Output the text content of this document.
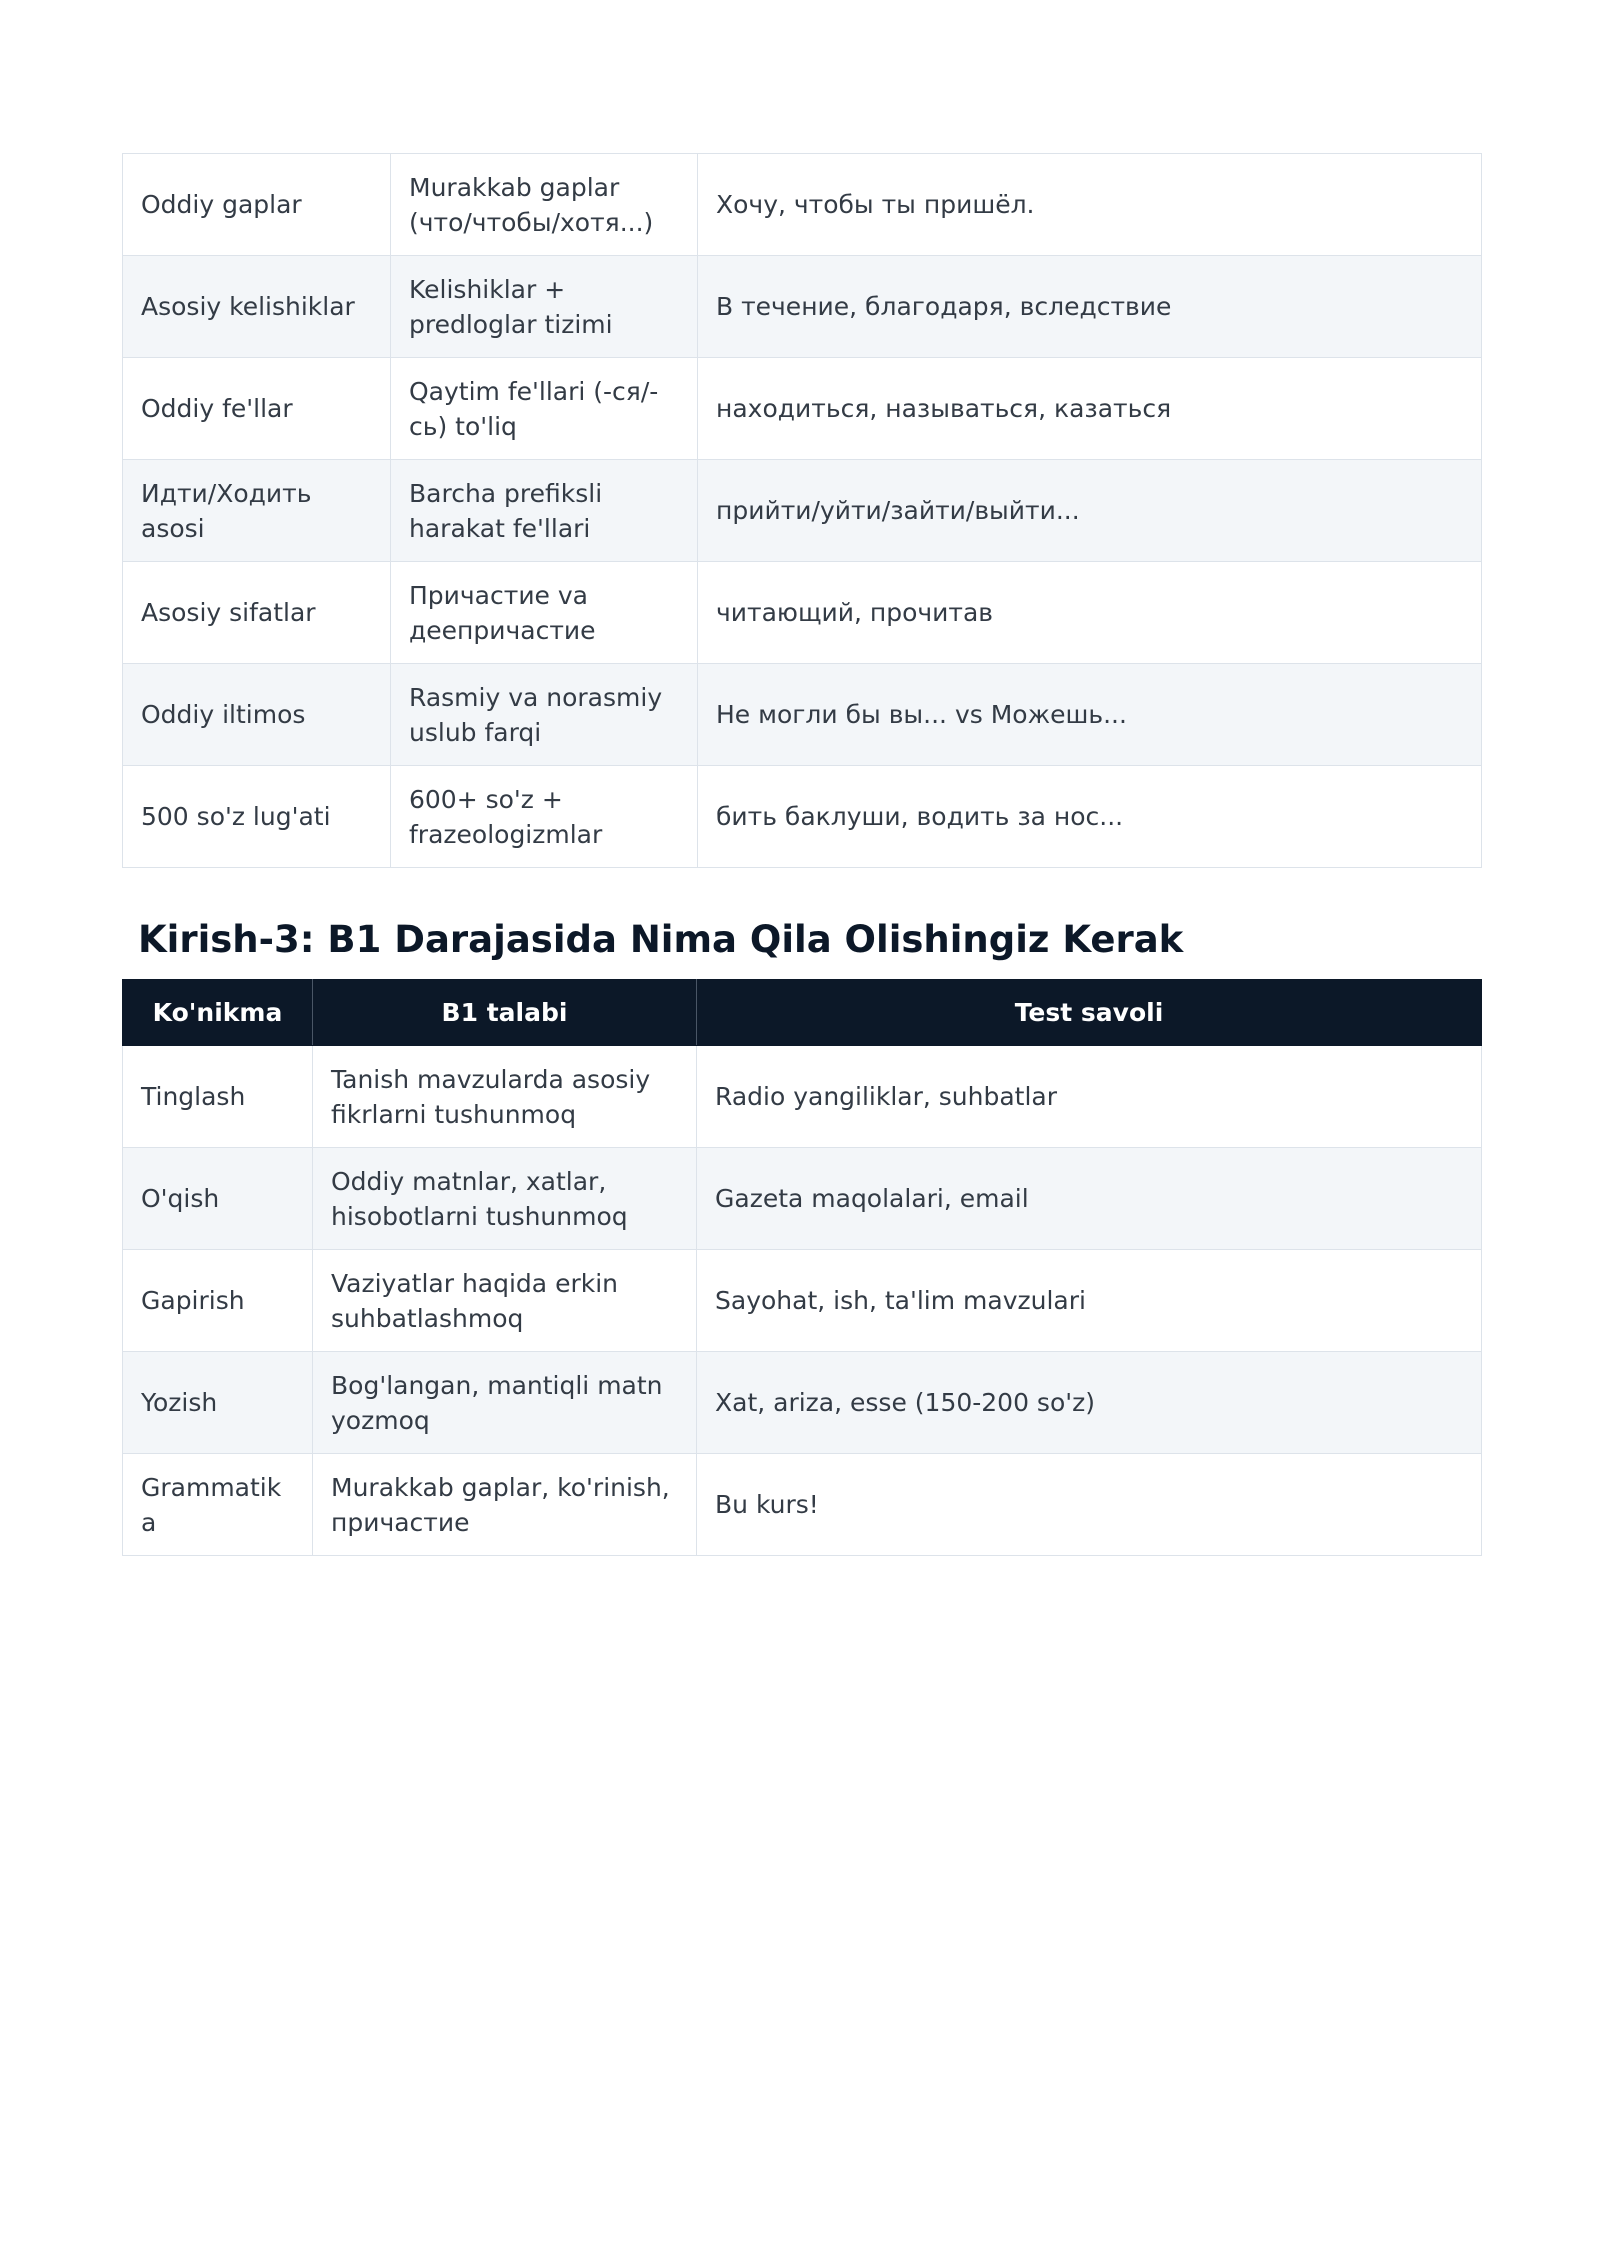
Oddiy gaplar	Murakkab gaplar (что/чтобы/хотя...)	Хочу, чтобы ты пришёл.
Asosiy kelishiklar	Kelishiklar + predloglar tizimi	В течение, благодаря, вследствие
Oddiy fe'llar	Qaytim fe'llari (-ся/-сь) to'liq	находиться, называться, казаться
Идти/Ходить asosi	Barcha prefiksli harakat fe'llari	прийти/уйти/зайти/выйти...
Asosiy sifatlar	Причастие va деепричастие	читающий, прочитав
Oddiy iltimos	Rasmiy va norasmiy uslub farqi	Не могли бы вы... vs Можешь...
500 so'z lug'ati	600+ so'z + frazeologizmlar	бить баклуши, водить за нос...
Kirish-3: B1 Darajasida Nima Qila Olishingiz Kerak
Ko'nikma	B1 talabi	Test savoli
Tinglash	Tanish mavzularda asosiy fikrlarni tushunmoq	Radio yangiliklar, suhbatlar
O'qish	Oddiy matnlar, xatlar, hisobotlarni tushunmoq	Gazeta maqolalari, email
Gapirish	Vaziyatlar haqida erkin suhbatlashmoq	Sayohat, ish, ta'lim mavzulari
Yozish	Bog'langan, mantiqli matn yozmoq	Xat, ariza, esse (150-200 so'z)
Grammatika	Murakkab gaplar, ko'rinish, причастие	Bu kurs!
